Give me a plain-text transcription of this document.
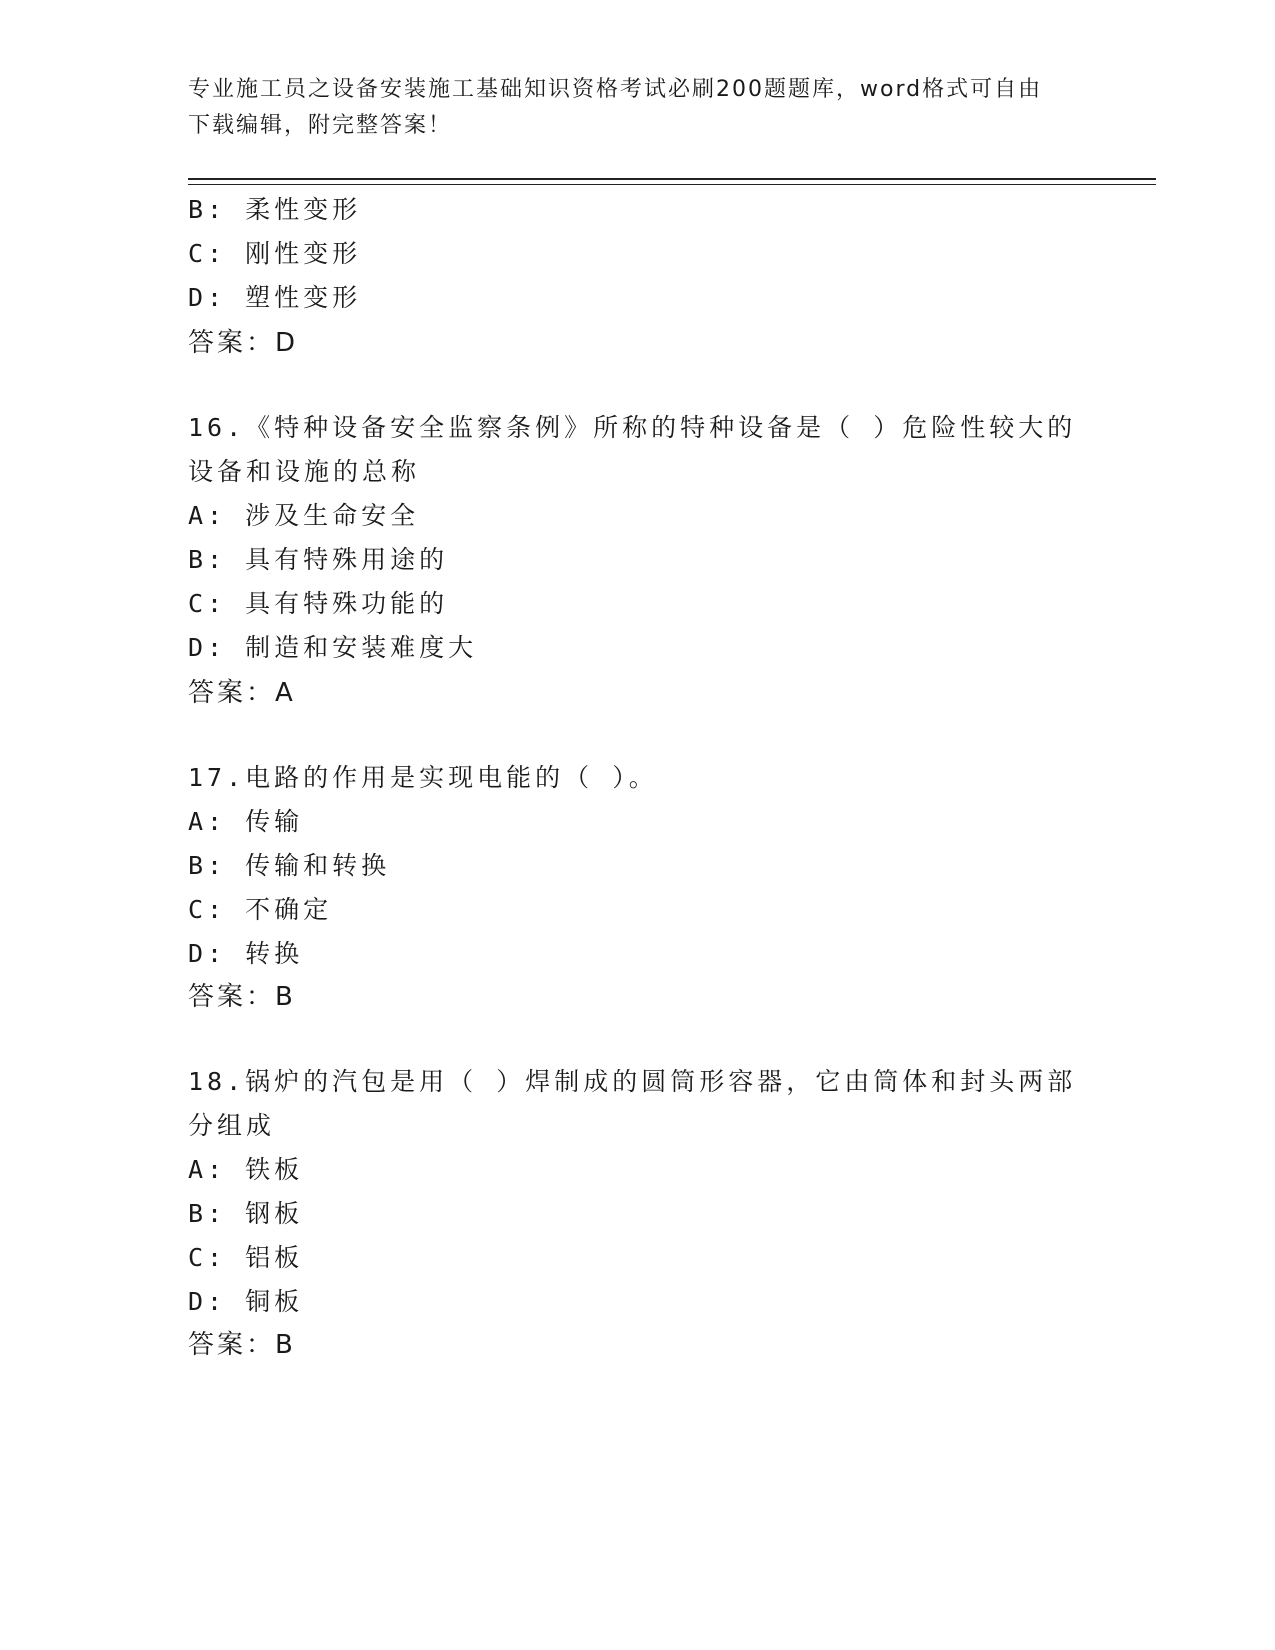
专业施工员之设备安装施工基础知识资格考试必刷200题题库，word格式可自由
下载编辑，附完整答案！
B: 柔性变形
C: 刚性变形
D: 塑性变形
答案：D
16.《特种设备安全监察条例》所称的特种设备是（ ）危险性较大的
设备和设施的总称
A: 涉及生命安全
B: 具有特殊用途的
C: 具有特殊功能的
D: 制造和安装难度大
答案：A
17.电路的作用是实现电能的（ ）。
A: 传输
B: 传输和转换
C: 不确定
D: 转换
答案：B
18.锅炉的汽包是用（ ）焊制成的圆筒形容器，它由筒体和封头两部
分组成
A: 铁板
B: 钢板
C: 铝板
D: 铜板
答案：B
